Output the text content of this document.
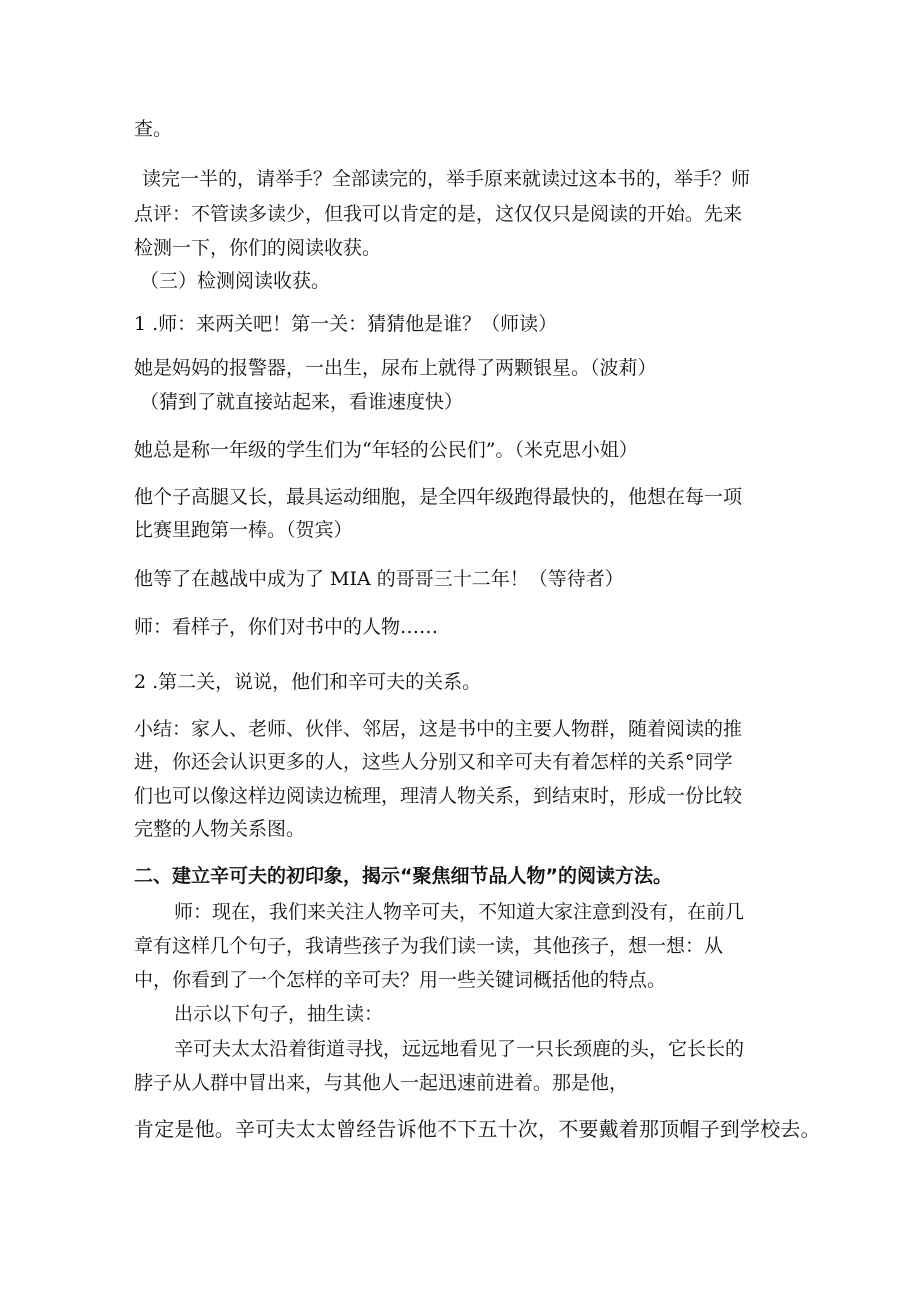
查。
读完一半的，请举手？全部读完的，举手原来就读过这本书的，举手？师
点评：不管读多读少，但我可以肯定的是，这仅仅只是阅读的开始。先来
检测一下，你们的阅读收获。
（三）检测阅读收获。
1 .师：来两关吧！第一关：猜猜他是谁？（师读）
她是妈妈的报警器，一出生，尿布上就得了两颗银星。（波莉）
（猜到了就直接站起来，看谁速度快）
她总是称一年级的学生们为“年轻的公民们”。（米克思小姐）
他个子高腿又长，最具运动细胞，是全四年级跑得最快的，他想在每一项
比赛里跑第一棒。（贺宾）
他等了在越战中成为了 MIA 的哥哥三十二年！（等待者）
师：看样子，你们对书中的人物……
2 .第二关，说说，他们和辛可夫的关系。
小结：家人、老师、伙伴、邻居，这是书中的主要人物群，随着阅读的推
进，你还会认识更多的人，这些人分别又和辛可夫有着怎样的关系°同学
们也可以像这样边阅读边梳理，理清人物关系，到结束时，形成一份比较
完整的人物关系图。
二、建立辛可夫的初印象，揭示“聚焦细节品人物”的阅读方法。
师：现在，我们来关注人物辛可夫，不知道大家注意到没有，在前几
章有这样几个句子，我请些孩子为我们读一读，其他孩子，想一想：从
中，你看到了一个怎样的辛可夫？用一些关键词概括他的特点。
出示以下句子，抽生读：
辛可夫太太沿着街道寻找，远远地看见了一只长颈鹿的头，它长长的
脖子从人群中冒出来，与其他人一起迅速前进着。那是他，
肯定是他。辛可夫太太曾经告诉他不下五十次，不要戴着那顶帽子到学校去。
